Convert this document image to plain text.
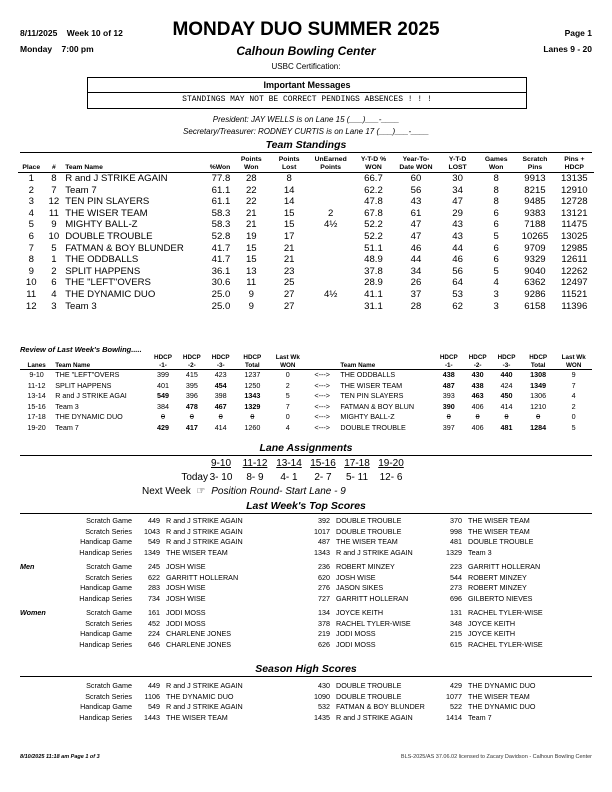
8/11/2025    Week 10 of 12	MONDAY DUO SUMMER 2025	Page 1
Monday    7:00 pm	Calhoun Bowling Center	Lanes 9 - 20
USBC Certification:
Important Messages
STANDINGS MAY NOT BE CORRECT PENDINGS ABSENCES ! ! !
President: JAY WELLS is on Lane 15 (___)___-____
Secretary/Treasurer: RODNEY CURTIS is on Lane 17 (___)___-____
Team Standings
Place	#	Team Name	%Won	Points Won	Points Lost	UnEarned Points	Y-T-D % WON	Year-To-Date WON	Y-T-D LOST	Games Won	Scratch Pins	Pins + HDCP
1	8	R and J STRIKE AGAIN	77.8	28	8		66.7	60	30	8	9913	13135
2	7	Team 7	61.1	22	14		62.2	56	34	8	8215	12910
3	12	TEN PIN SLAYERS	61.1	22	14		47.8	43	47	8	9485	12728
4	11	THE WISER TEAM	58.3	21	15	2	67.8	61	29	6	9383	13121
5	9	MIGHTY BALL-Z	58.3	21	15	4½	52.2	47	43	6	7188	11475
6	10	DOUBLE TROUBLE	52.8	19	17		52.2	47	43	5	10265	13025
7	5	FATMAN & BOY BLUNDER	41.7	15	21		51.1	46	44	6	9709	12985
8	1	THE ODDBALLS	41.7	15	21		48.9	44	46	6	9329	12611
9	2	SPLIT HAPPENS	36.1	13	23		37.8	34	56	5	9040	12262
10	6	THE "LEFT"OVERS	30.6	11	25		28.9	26	64	4	6362	12497
11	4	THE DYNAMIC DUO	25.0	9	27	4½	41.1	37	53	3	9286	11521
12	3	Team 3	25.0	9	27		31.1	28	62	3	6158	11396
Review of Last Week's Bowling.....
Lanes	Team Name	HDCP -1-	HDCP -2-	HDCP -3-	HDCP Total	Last Wk WON		Team Name	HDCP -1-	HDCP -2-	HDCP -3-	HDCP Total	Last Wk WON
9-10	THE "LEFT"OVERS	399	415	423	1237	0	<--->	THE ODDBALLS	438	430	440	1308	9
11-12	SPLIT HAPPENS	401	395	454	1250	2	<--->	THE WISER TEAM	487	438	424	1349	7
13-14	R and J STRIKE AGAI	549	396	398	1343	5	<--->	TEN PIN SLAYERS	393	463	450	1306	4
15-16	Team 3	384	478	467	1329	7	<--->	FATMAN & BOY BLUN	390	406	414	1210	2
17-18	THE DYNAMIC DUO	0	0	0	0	0	<--->	MIGHTY BALL-Z	0	0	0	0	0
19-20	Team 7	429	417	414	1260	4	<--->	DOUBLE TROUBLE	397	406	481	1284	5
Lane Assignments
9-10	11-12 13-14 15-16 17-18 19-20
Today 3- 10	8- 9	4- 1	2- 7	5- 11	12- 6
Next Week ☞ Position Round- Start Lane - 9
Last Week's Top Scores
Scratch Game	449 R and J STRIKE AGAIN	392 DOUBLE TROUBLE	370 THE WISER TEAM
Scratch Series	1043 R and J STRIKE AGAIN	1017 DOUBLE TROUBLE	998 THE WISER TEAM
Handicap Game	549 R and J STRIKE AGAIN	487 THE WISER TEAM	481 DOUBLE TROUBLE
Handicap Series	1349 THE WISER TEAM	1343 R and J STRIKE AGAIN	1329 Team 3
Men	Scratch Game	245 JOSH WISE	236 ROBERT MINZEY	223 GARRITT HOLLERAN
Scratch Series	622 GARRITT HOLLERAN	620 JOSH WISE	544 ROBERT MINZEY
Handicap Game	283 JOSH WISE	276 JASON SIKES	273 ROBERT MINZEY
Handicap Series	734 JOSH WISE	727 GARRITT HOLLERAN	696 GILBERTO NIEVES
Women	Scratch Game	161 JODI MOSS	134 JOYCE KEITH	131 RACHEL TYLER-WISE
Scratch Series	452 JODI MOSS	378 RACHEL TYLER-WISE	348 JOYCE KEITH
Handicap Game	224 CHARLENE JONES	219 JODI MOSS	215 JOYCE KEITH
Handicap Series	646 CHARLENE JONES	626 JODI MOSS	615 RACHEL TYLER-WISE
Season High Scores
Scratch Game	449 R and J STRIKE AGAIN	430 DOUBLE TROUBLE	429 THE DYNAMIC DUO
Scratch Series	1106 THE DYNAMIC DUO	1090 DOUBLE TROUBLE	1077 THE WISER TEAM
Handicap Game	549 R and J STRIKE AGAIN	532 FATMAN & BOY BLUNDER	522 THE DYNAMIC DUO
Handicap Series	1443 THE WISER TEAM	1435 R and J STRIKE AGAIN	1414 Team 7
8/10/2025 11:18 am Page 1 of 3	BLS-2025/AS 37.06.02 licensed to Zacary Davidson - Calhoun Bowling Center
